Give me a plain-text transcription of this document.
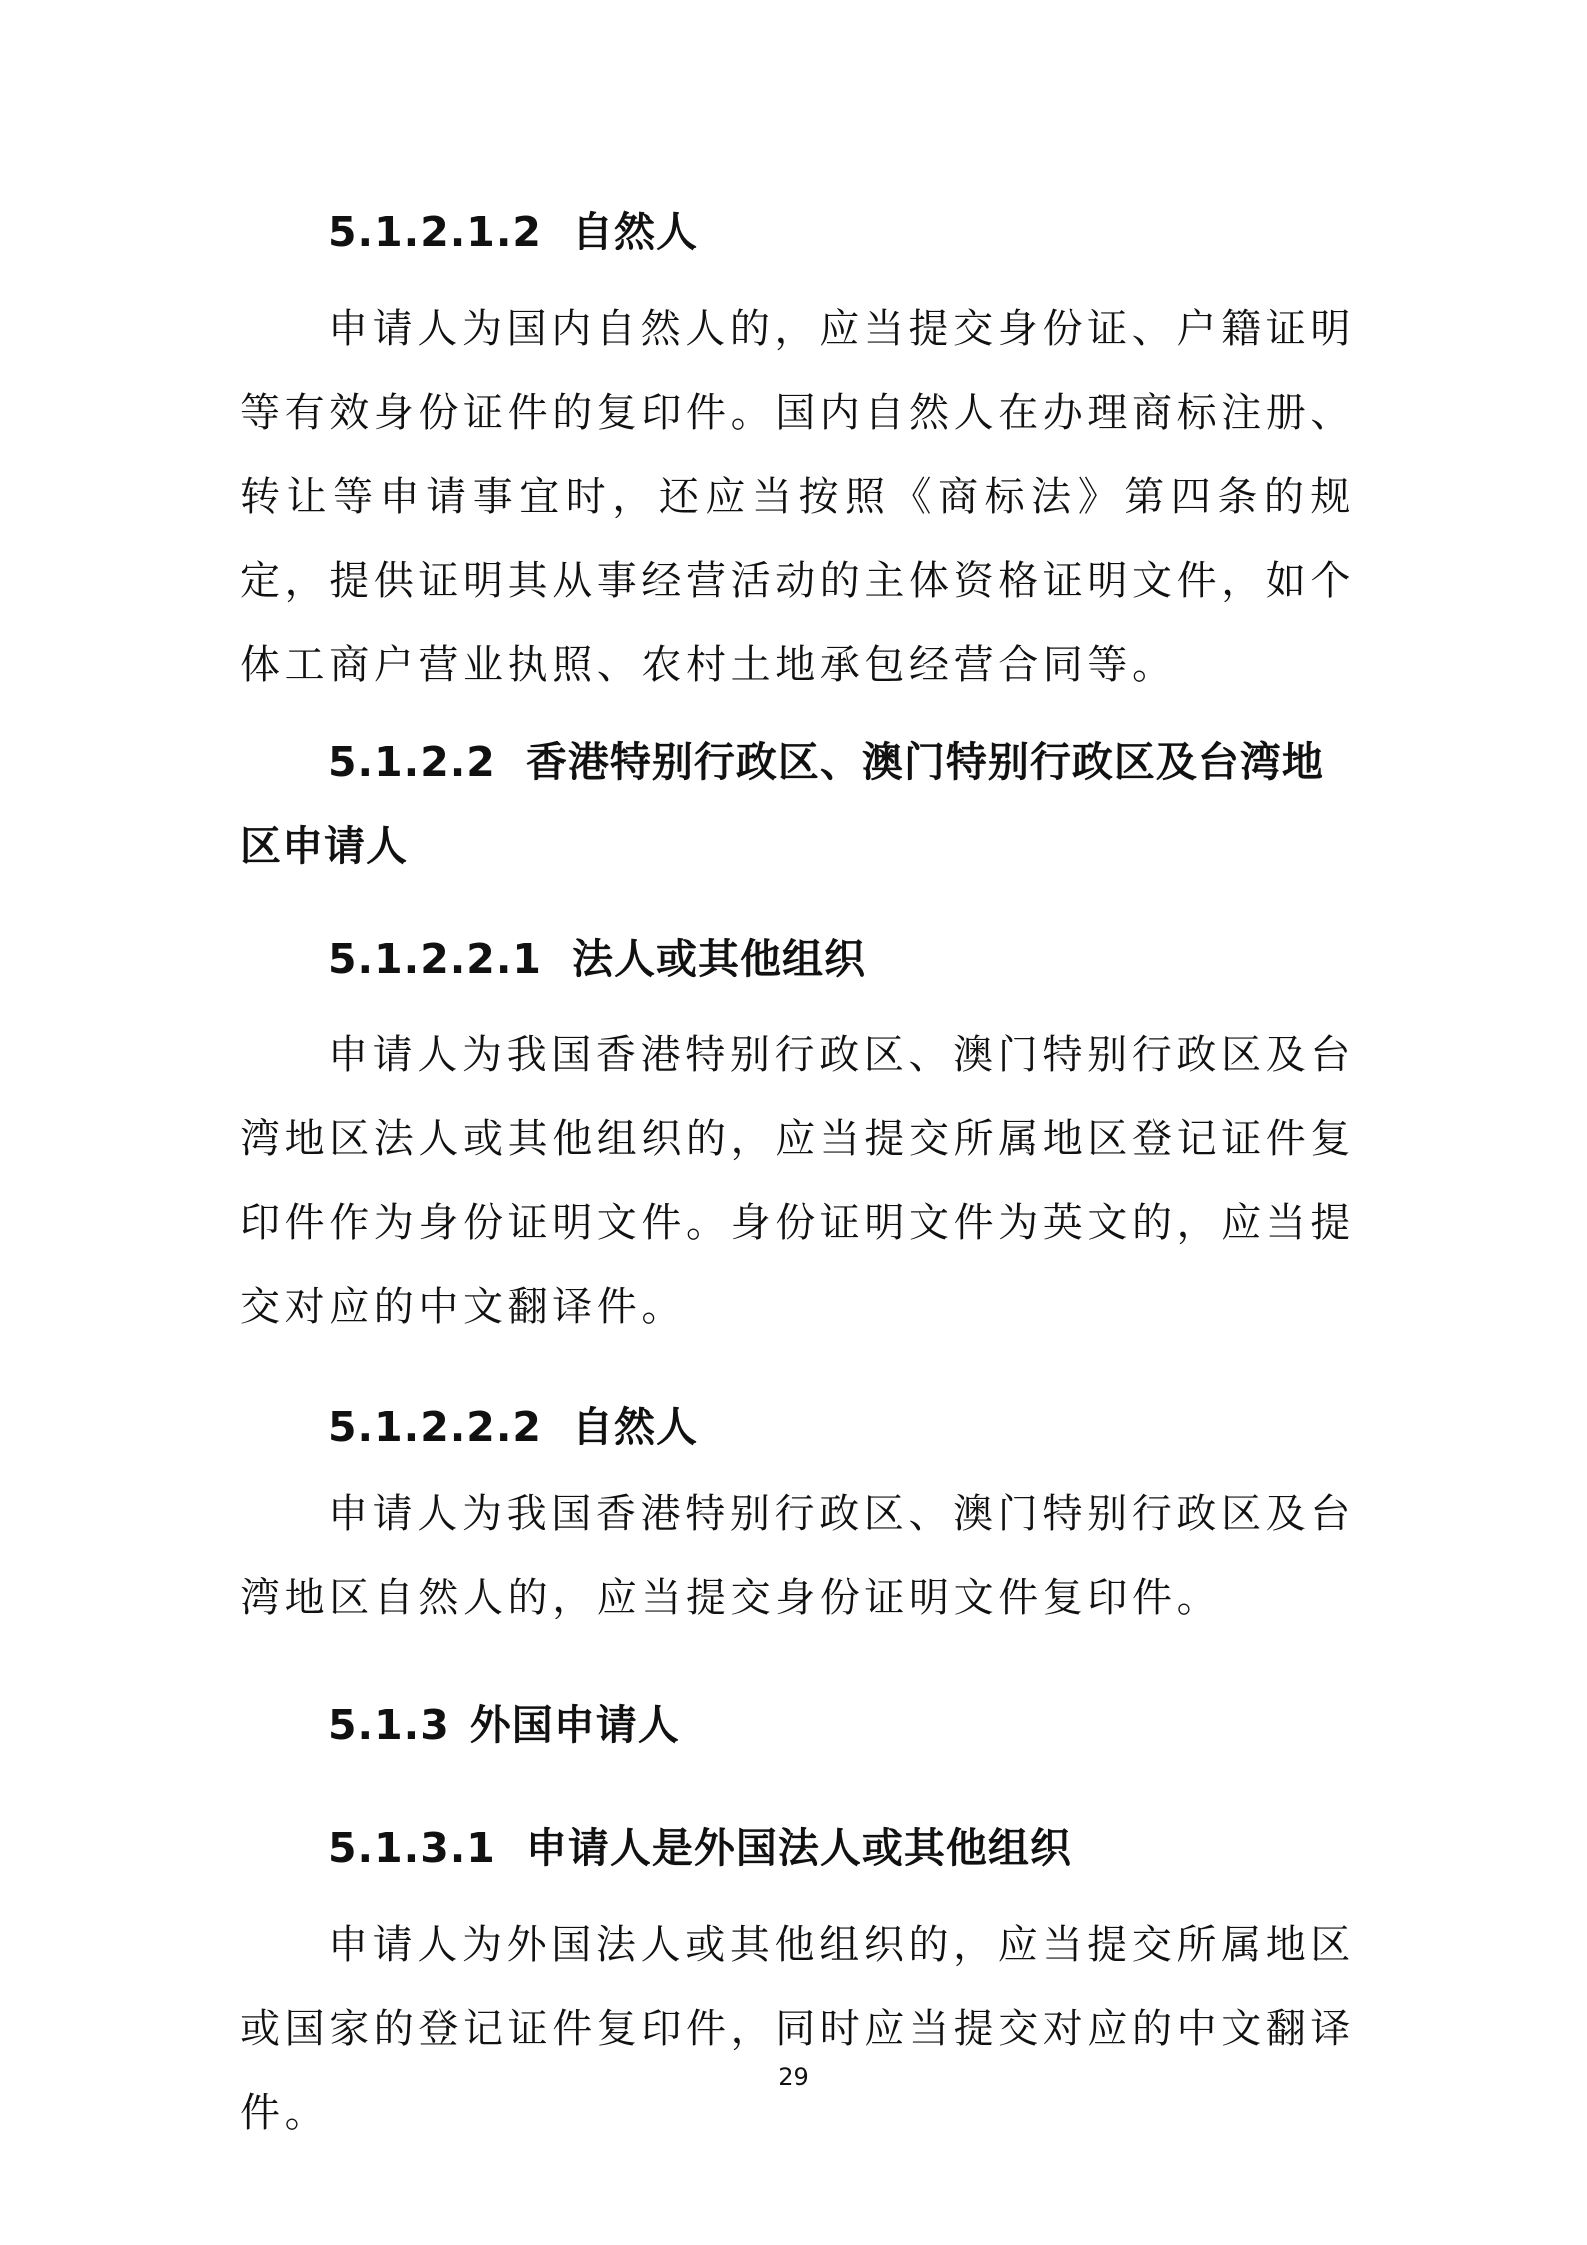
5.1.2.1.2 自然人
申请人为国内自然人的，应当提交身份证、户籍证明等有效身份证件的复印件。国内自然人在办理商标注册、转让等申请事宜时，还应当按照《商标法》第四条的规定，提供证明其从事经营活动的主体资格证明文件，如个体工商户营业执照、农村土地承包经营合同等。
5.1.2.2 香港特别行政区、澳门特别行政区及台湾地区申请人
5.1.2.2.1 法人或其他组织
申请人为我国香港特别行政区、澳门特别行政区及台湾地区法人或其他组织的，应当提交所属地区登记证件复印件作为身份证明文件。身份证明文件为英文的，应当提交对应的中文翻译件。
5.1.2.2.2 自然人
申请人为我国香港特别行政区、澳门特别行政区及台湾地区自然人的，应当提交身份证明文件复印件。
5.1.3 外国申请人
5.1.3.1 申请人是外国法人或其他组织
申请人为外国法人或其他组织的，应当提交所属地区或国家的登记证件复印件，同时应当提交对应的中文翻译件。
29
